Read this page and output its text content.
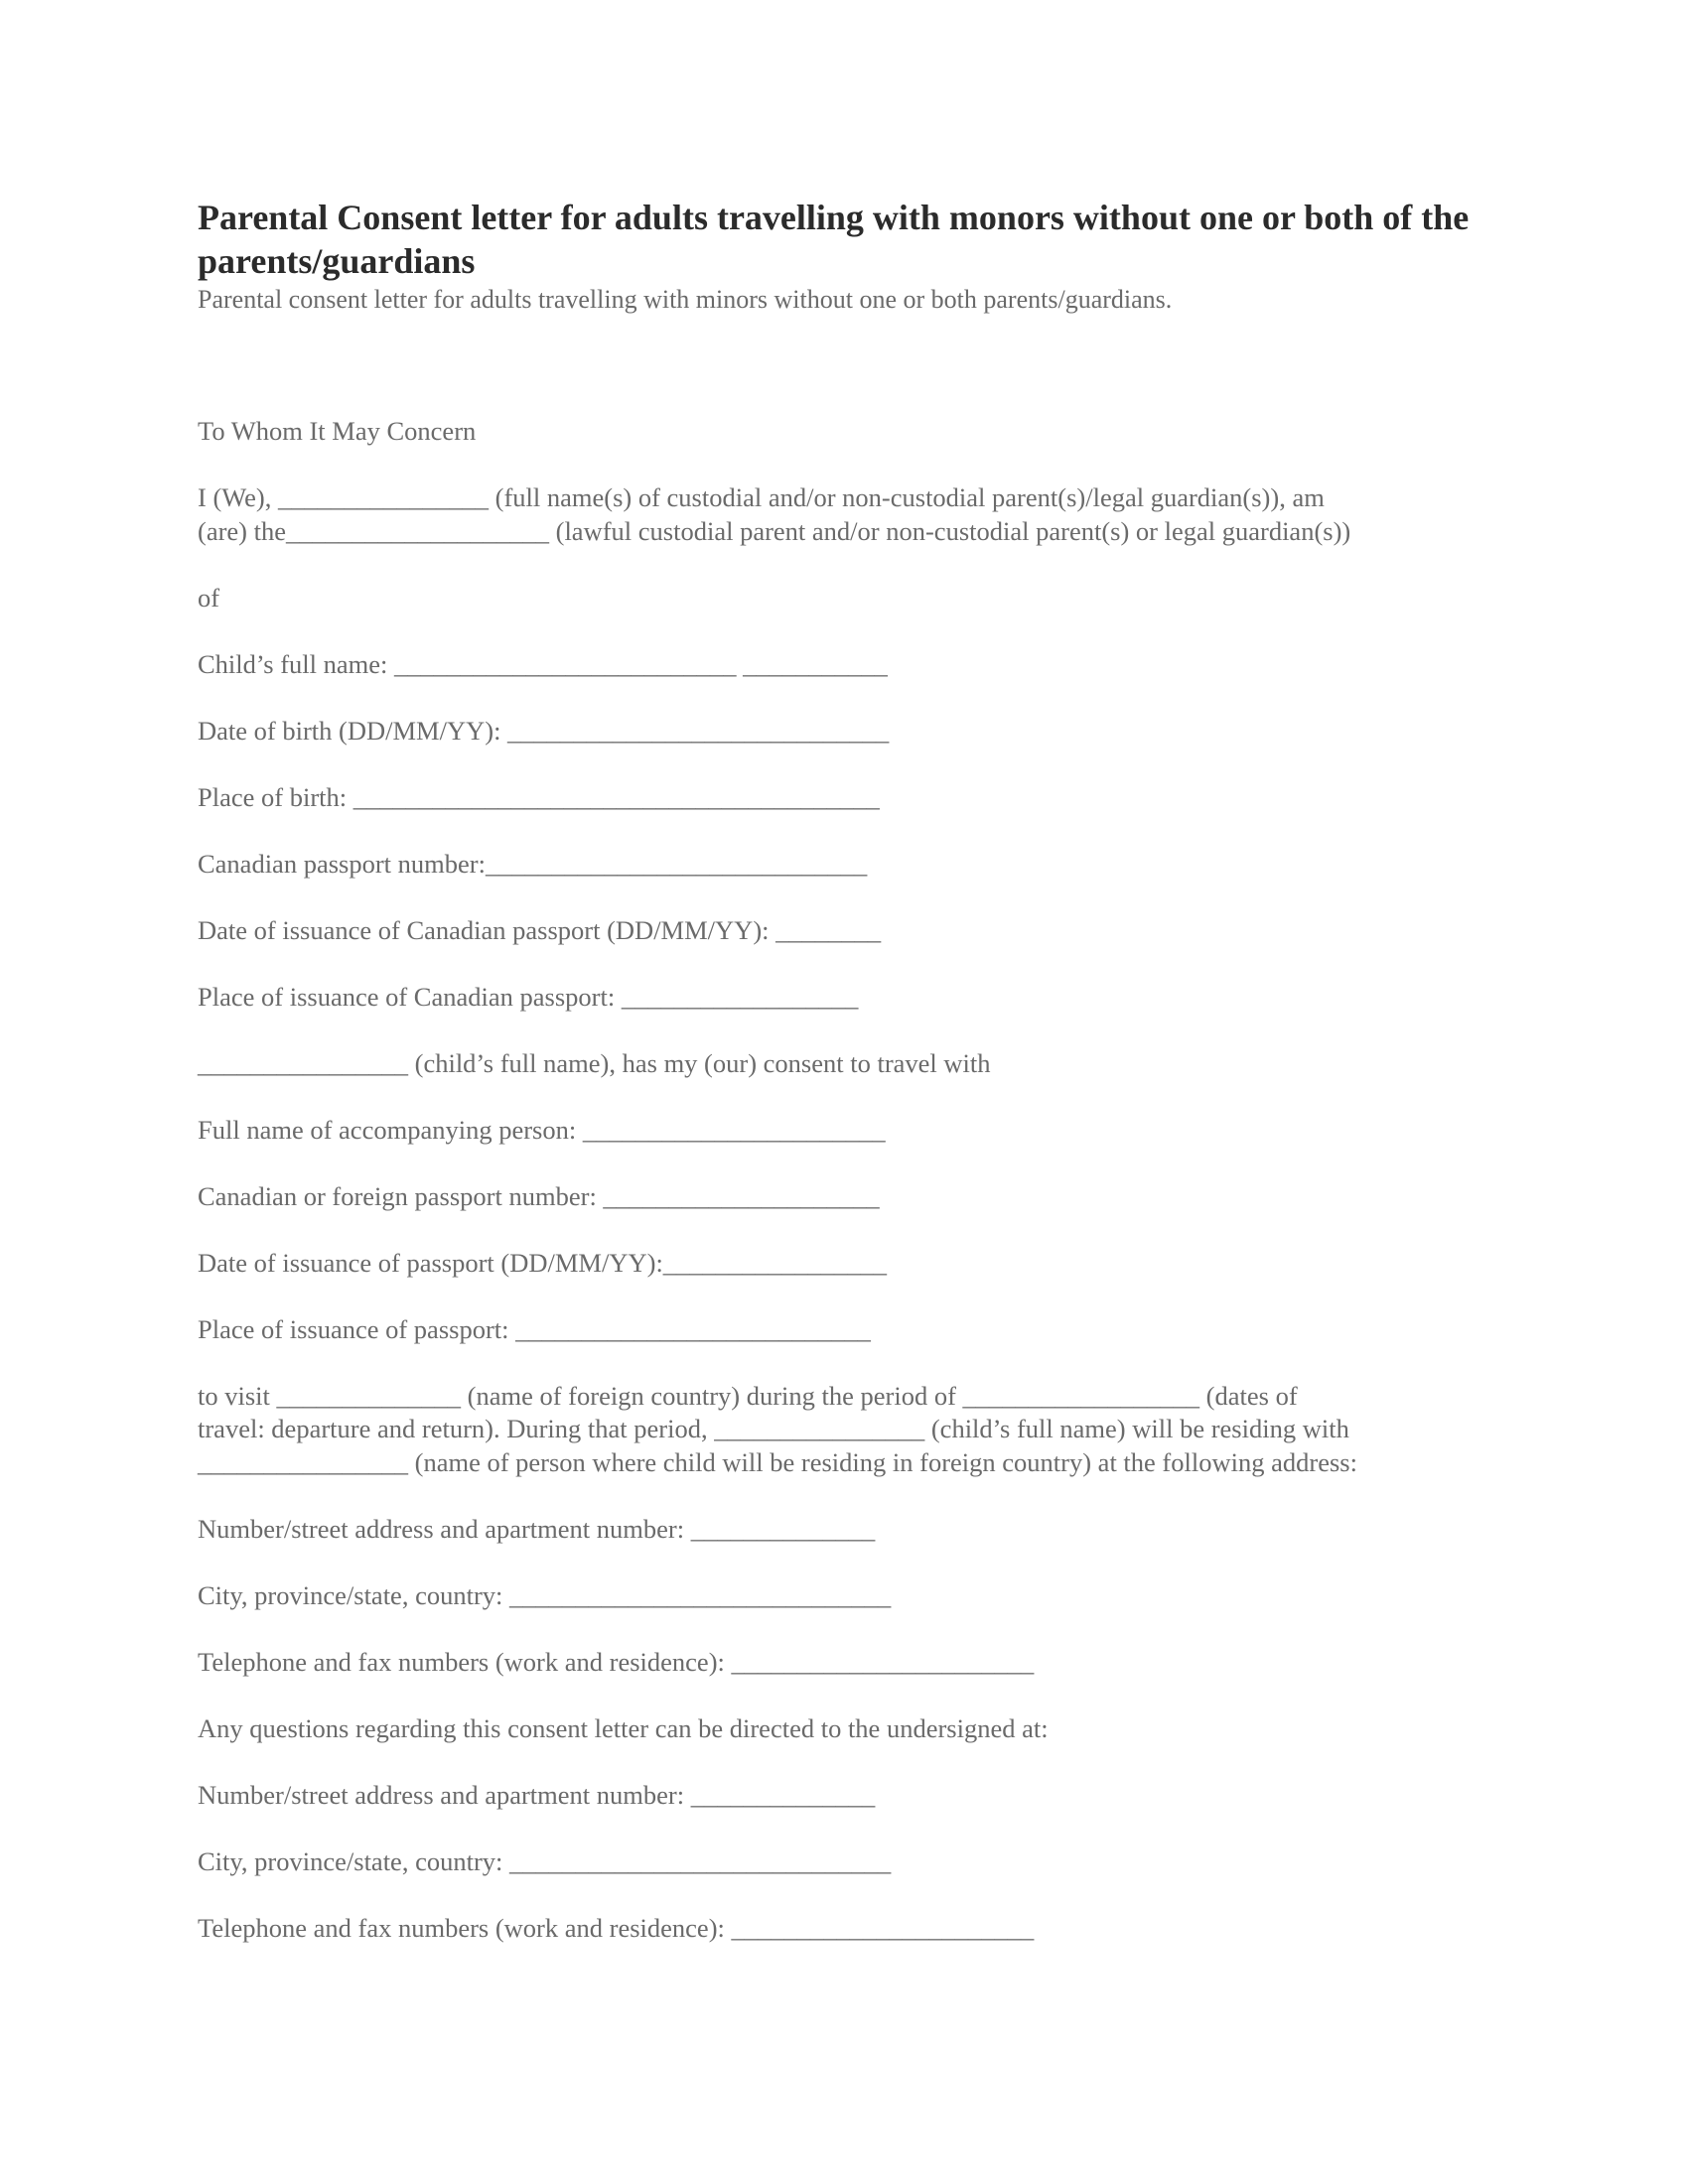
Parental Consent letter for adults travelling with monors without one or both of the parents/guardians

Parental consent letter for adults travelling with minors without one or both parents/guardians.

To Whom It May Concern

I (We), ________________ (full name(s) of custodial and/or non-custodial parent(s)/legal guardian(s)), am
(are) the____________________ (lawful custodial parent and/or non-custodial parent(s) or legal guardian(s))

of

Child’s full name: __________________________ ___________

Date of birth (DD/MM/YY): _____________________________

Place of birth: ________________________________________

Canadian passport number:_____________________________

Date of issuance of Canadian passport (DD/MM/YY): ________

Place of issuance of Canadian passport: __________________

________________ (child’s full name), has my (our) consent to travel with

Full name of accompanying person: _______________________

Canadian or foreign passport number: _____________________

Date of issuance of passport (DD/MM/YY):_________________

Place of issuance of passport: ___________________________

to visit ______________ (name of foreign country) during the period of __________________ (dates of
travel: departure and return). During that period, ________________ (child’s full name) will be residing with
________________ (name of person where child will be residing in foreign country) at the following address:

Number/street address and apartment number: ______________

City, province/state, country: _____________________________

Telephone and fax numbers (work and residence): _______________________

Any questions regarding this consent letter can be directed to the undersigned at:

Number/street address and apartment number: ______________

City, province/state, country: _____________________________

Telephone and fax numbers (work and residence): _______________________
